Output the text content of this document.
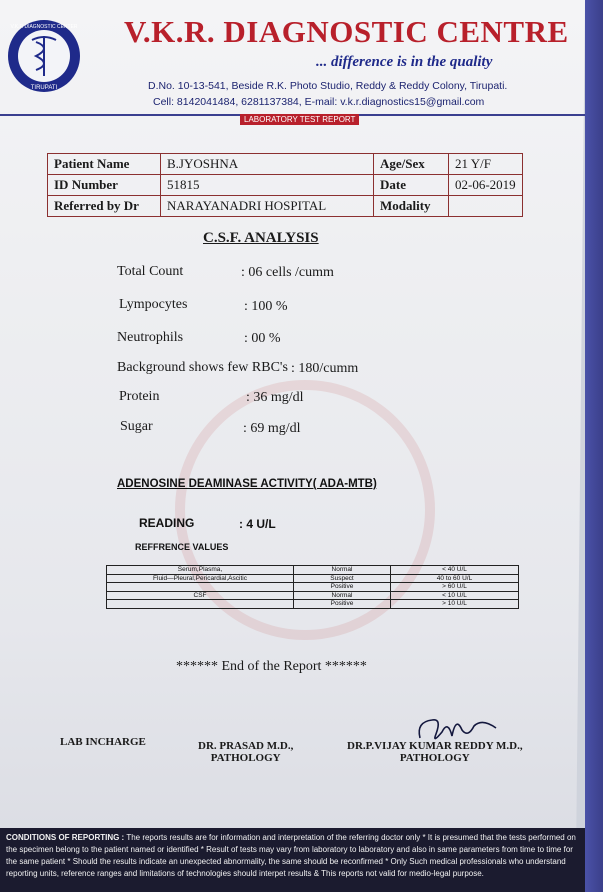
V.K.R DIAGNOSTIC CENTER
TIRUPATI
V.K.R. DIAGNOSTIC CENTRE
... difference is in the quality
D.No. 10-13-541, Beside R.K. Photo Studio, Reddy & Reddy Colony, Tirupati.
Cell: 8142041484, 6281137384, E-mail: v.k.r.diagnostics15@gmail.com
LABORATORY TEST REPORT
Patient Name	B.JYOSHNA	Age/Sex	21 Y/F
ID Number	51815	Date	02-06-2019
Referred by Dr	NARAYANADRI HOSPITAL	Modality	
C.S.F. ANALYSIS
Total Count	: 06 cells /cumm
Lympocytes	: 100 %
Neutrophils	: 00 %
Background shows few RBC's : 180/cumm
Protein	: 36 mg/dl
Sugar	: 69 mg/dl
ADENOSINE DEAMINASE ACTIVITY( ADA-MTB)
READING	: 4 U/L
REFFRENCE VALUES
Serum,Plasma,	Normal	< 40 U/L
Fluid—Pleural,Pericardial,Ascitic	Suspect	40 to 60 U/L
	Positive	> 60 U/L
CSF	Normal	< 10 U/L
	Positive	> 10 U/L
****** End of the Report ******
LAB INCHARGE	DR. PRASAD M.D.,
PATHOLOGY
DR.P.VIJAY KUMAR REDDY M.D.,
PATHOLOGY
CONDITIONS OF REPORTING : The reports results are for information and interpretation of the referring doctor only * It is presumed that the tests performed on the specimen belong to the patient named or identified * Result of tests may vary from laboratory to laboratory and also in same parameters from time to time for the same patient * Should the results indicate an unexpected abnormality, the same should be reconfirmed * Only Such medical professionals who understand reporting units, reference ranges and limitations of technologies should interpet results & This reports not valid for medio-legal purpose.
